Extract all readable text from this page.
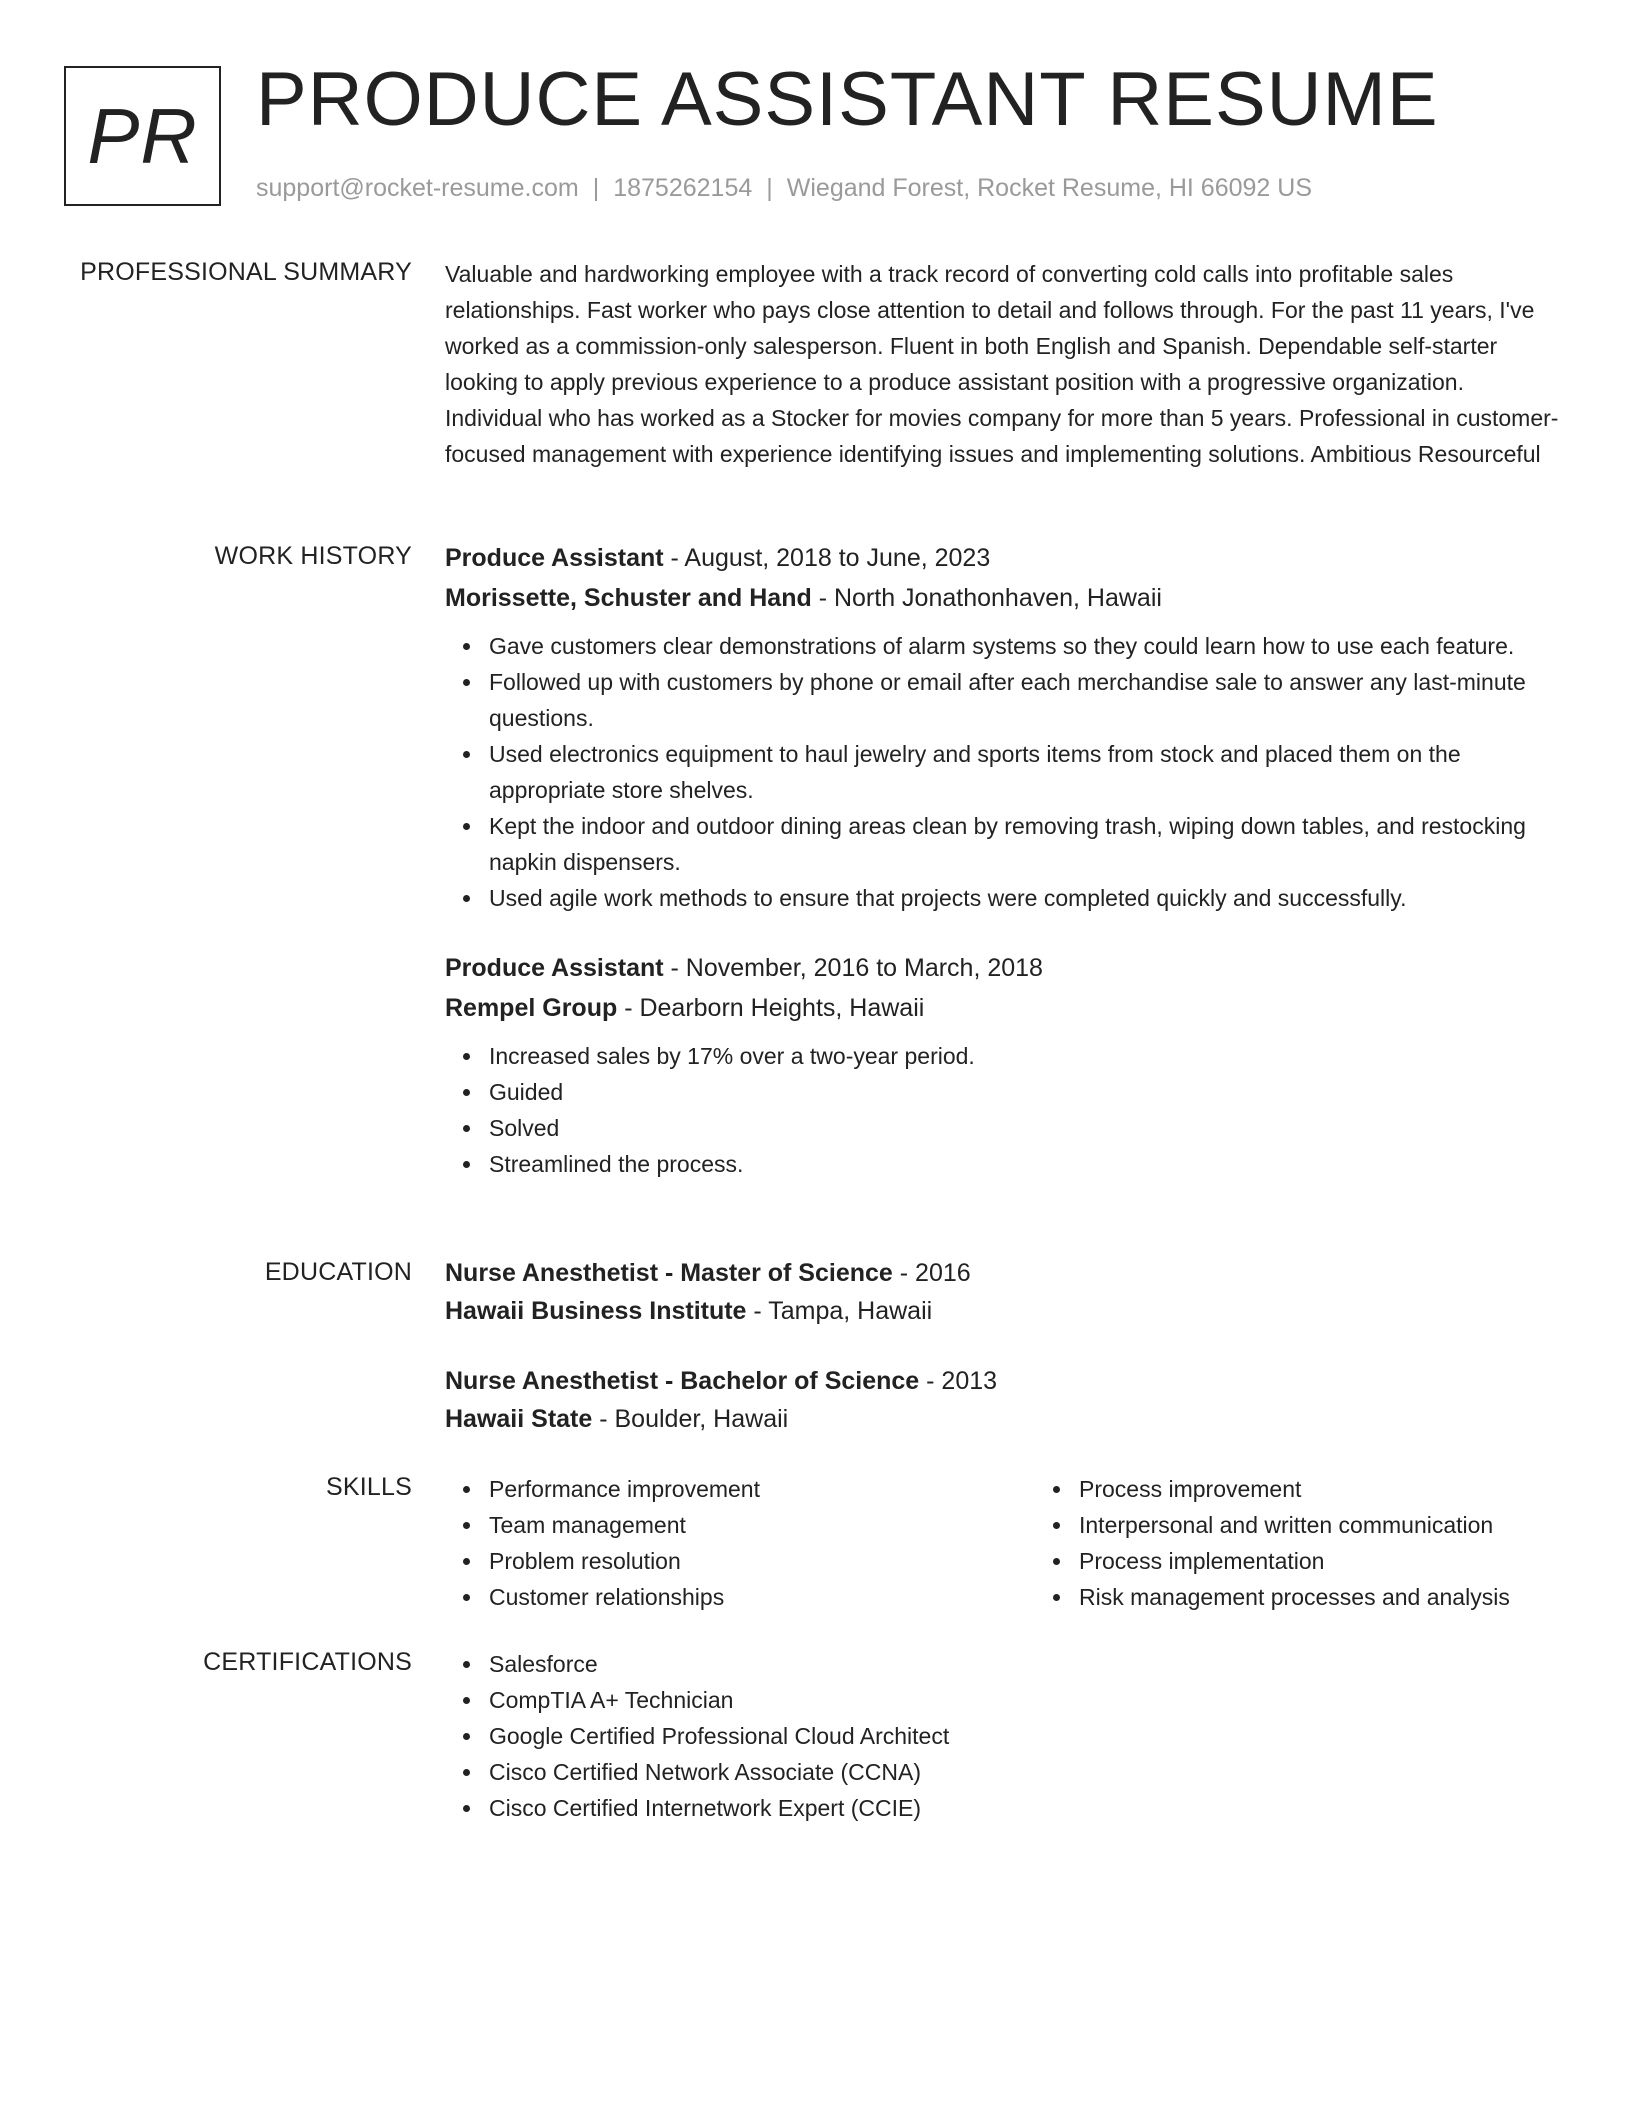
PR PRODUCE ASSISTANT RESUME
support@rocket-resume.com | 1875262154 | Wiegand Forest, Rocket Resume, HI 66092 US
PROFESSIONAL SUMMARY Valuable and hardworking employee with a track record of converting cold calls into profitable sales relationships. Fast worker who pays close attention to detail and follows through. For the past 11 years, I've worked as a commission-only salesperson. Fluent in both English and Spanish. Dependable self-starter looking to apply previous experience to a produce assistant position with a progressive organization. Individual who has worked as a Stocker for movies company for more than 5 years. Professional in customer-focused management with experience identifying issues and implementing solutions. Ambitious Resourceful

WORK HISTORY Produce Assistant - August, 2018 to June, 2023
Morissette, Schuster and Hand - North Jonathonhaven, Hawaii
Gave customers clear demonstrations of alarm systems so they could learn how to use each feature.
Followed up with customers by phone or email after each merchandise sale to answer any last-minute questions.
Used electronics equipment to haul jewelry and sports items from stock and placed them on the appropriate store shelves.
Kept the indoor and outdoor dining areas clean by removing trash, wiping down tables, and restocking napkin dispensers.
Used agile work methods to ensure that projects were completed quickly and successfully.
Produce Assistant - November, 2016 to March, 2018
Rempel Group - Dearborn Heights, Hawaii
Increased sales by 17% over a two-year period.
Guided
Solved
Streamlined the process.
EDUCATION Nurse Anesthetist - Master of Science - 2016
Hawaii Business Institute - Tampa, Hawaii
Nurse Anesthetist - Bachelor of Science - 2013
Hawaii State - Boulder, Hawaii
SKILLS	Performance improvement
Team management
Problem resolution
Customer relationships
Process improvement
Interpersonal and written communication
Process implementation
Risk management processes and analysis
CERTIFICATIONS	Salesforce
CompTIA A+ Technician
Google Certified Professional Cloud Architect
Cisco Certified Network Associate (CCNA)
Cisco Certified Internetwork Expert (CCIE)
